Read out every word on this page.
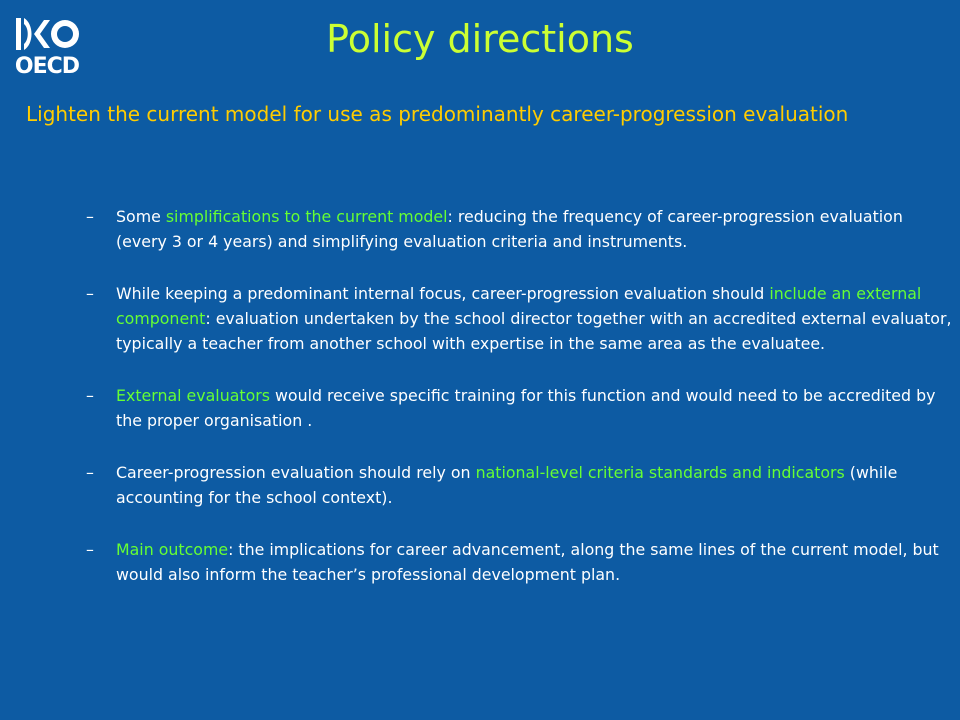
OECD
Policy directions

Lighten the current model for use as predominantly career-progression evaluation

–	Some simplifications to the current model: reducing the frequency of career-progression evaluation (every 3 or 4 years) and simplifying evaluation criteria and instruments.
–	While keeping a predominant internal focus, career-progression evaluation should include an external component: evaluation undertaken by the school director together with an accredited external evaluator, typically a teacher from another school with expertise in the same area as the evaluatee.
–	External evaluators would receive specific training for this function and would need to be accredited by the proper organisation .
–	Career-progression evaluation should rely on national-level criteria standards and indicators (while accounting for the school context).
–	Main outcome: the implications for career advancement, along the same lines of the current model, but would also inform the teacher’s professional development plan.
